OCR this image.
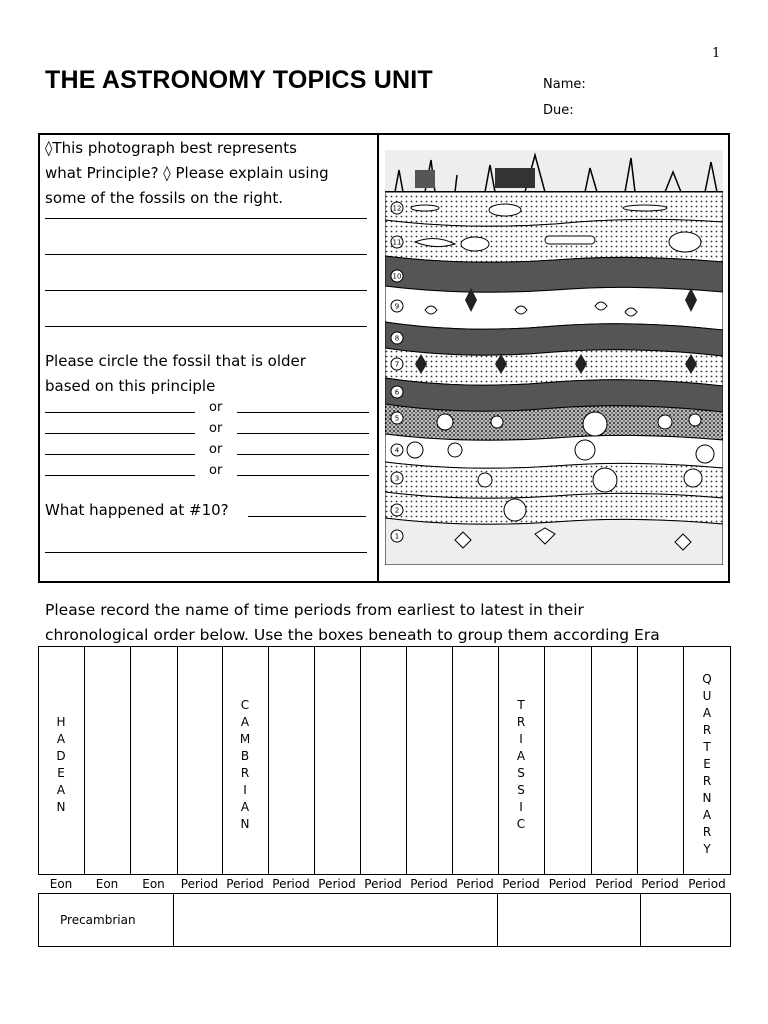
1
THE ASTRONOMY TOPICS UNIT	Name:
Due:
◊This photograph best represents
what Principle? ◊ Please explain using
some of the fossils on the right.
Please circle the fossil that is older
based on this principle
or
or
or
or
What happened at #10?
12
11
10
9
8
7
6
5
4
3
2
1
Please record the name of time periods from earliest to latest in their
chronological order below. Use the boxes beneath to group them according Era
H
A
D
E
A
N
Eon Eon Eon Period
C
A
M
B
R
I
A
N
Period Period Period Period Period Period
T
R
I
A
S
S
I
C
Period Period Period Period
Q
U
A
R
T
E
R
N
A
R
Y
Period
Precambrian
